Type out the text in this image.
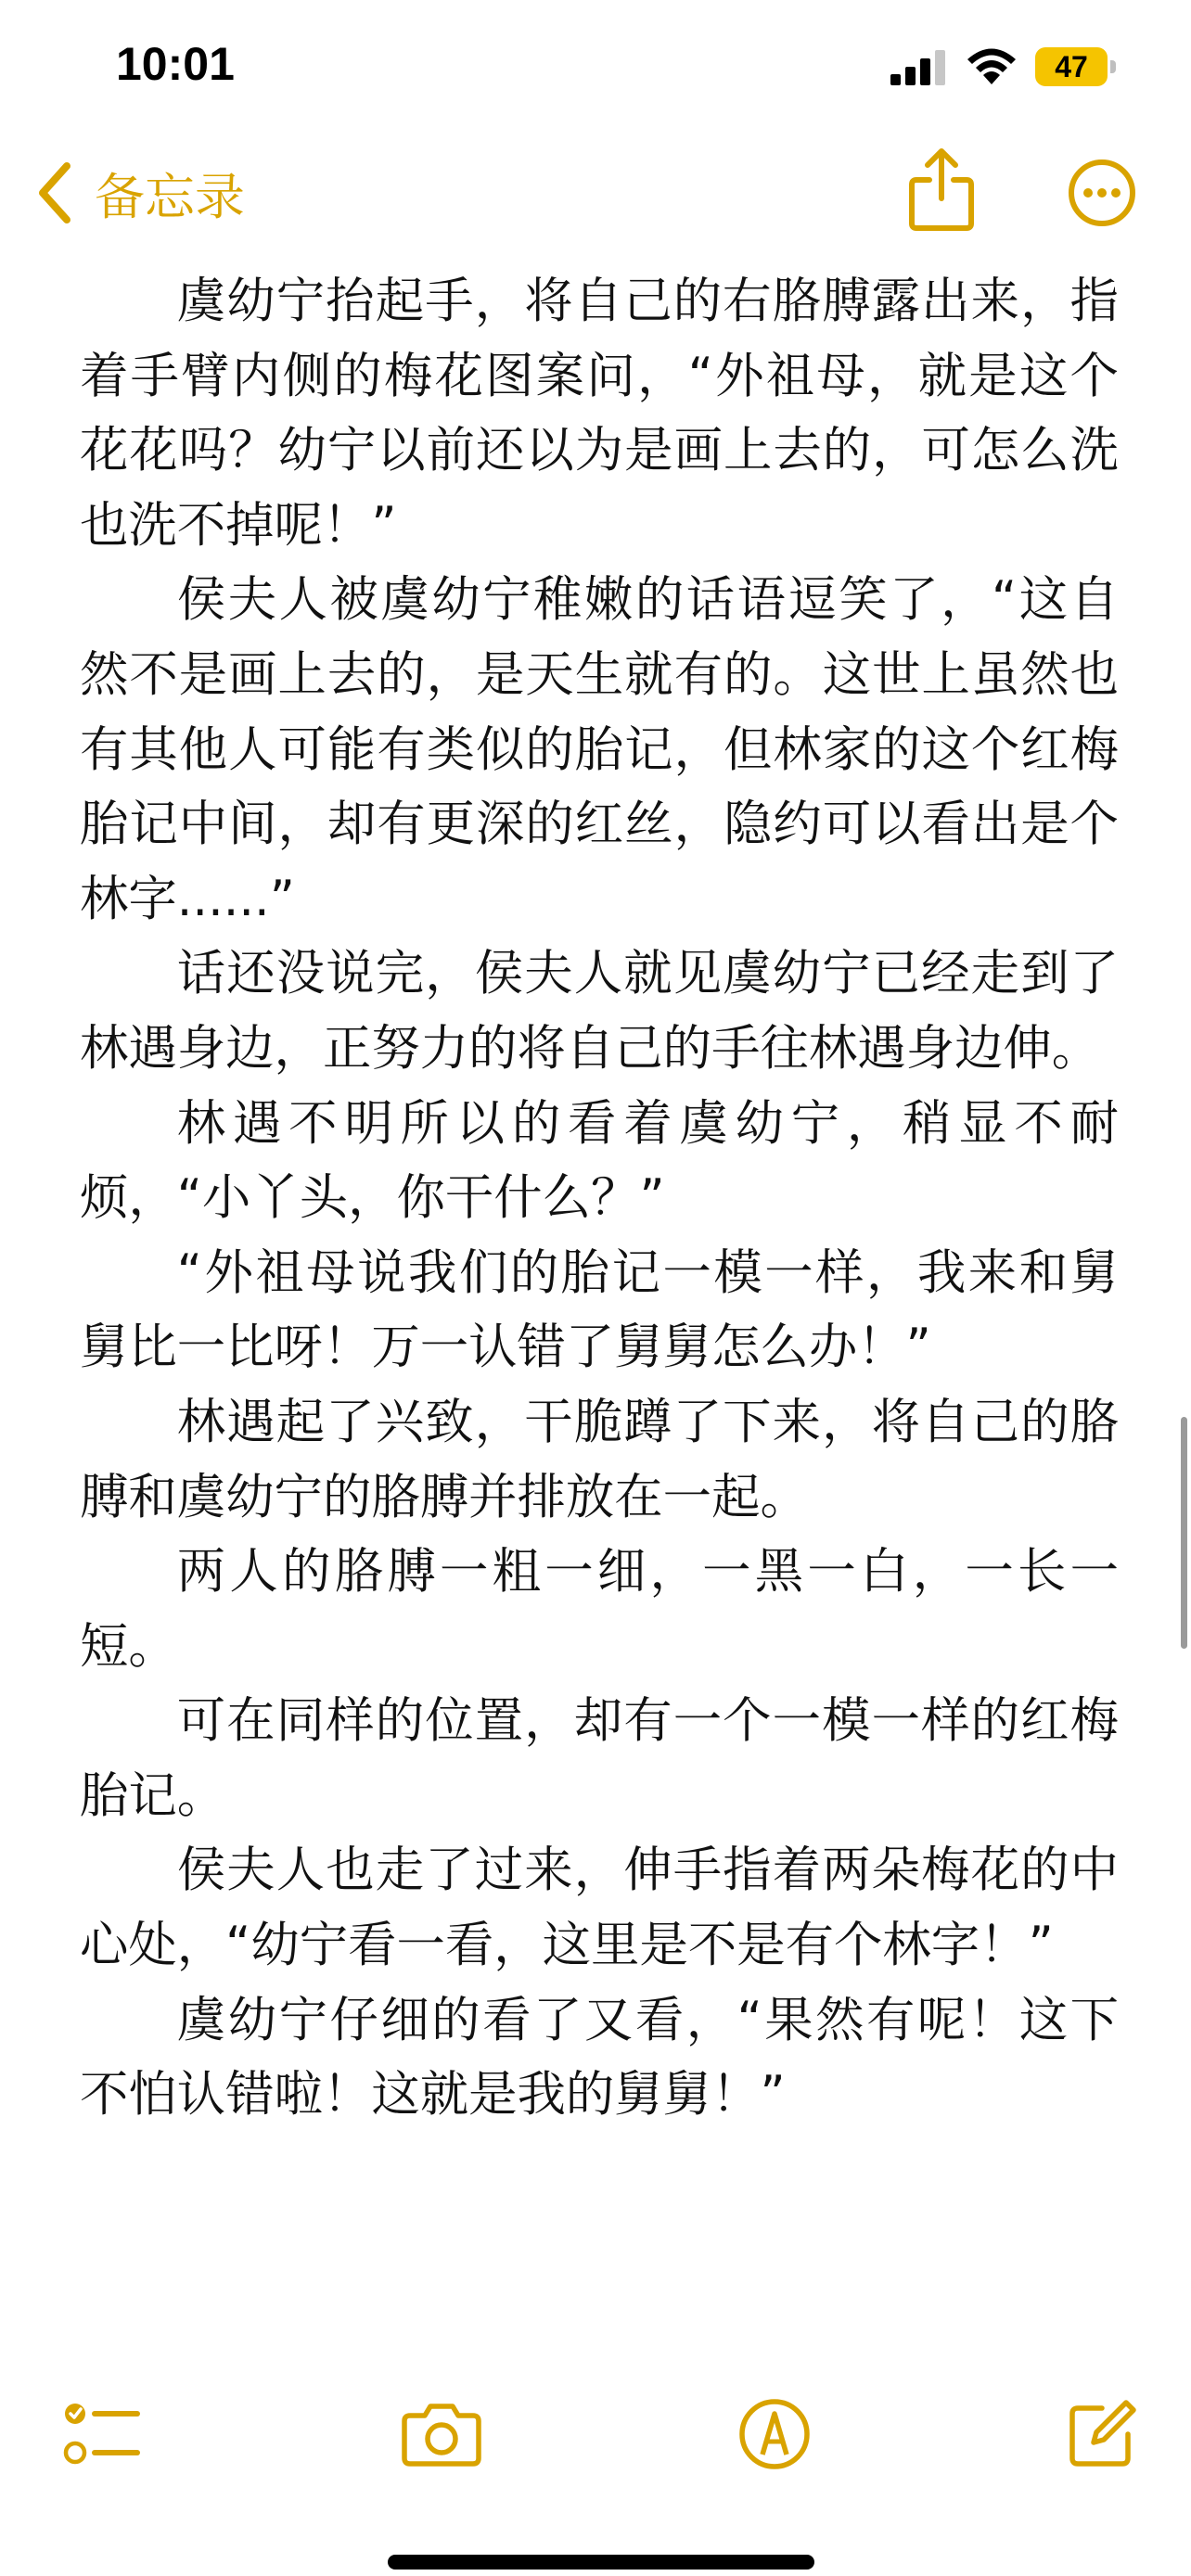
10:01	47
备忘录

虞幼宁抬起手，将自己的右胳膊露出来，指着手臂内侧的梅花图案问，“外祖母，就是这个花花吗？幼宁以前还以为是画上去的，可怎么洗也洗不掉呢！”

侯夫人被虞幼宁稚嫩的话语逗笑了，“这自然不是画上去的，是天生就有的。这世上虽然也有其他人可能有类似的胎记，但林家的这个红梅胎记中间，却有更深的红丝，隐约可以看出是个林字......”

话还没说完，侯夫人就见虞幼宁已经走到了林遇身边，正努力的将自己的手往林遇身边伸。

林遇不明所以的看着虞幼宁，稍显不耐烦，“小丫头，你干什么？”

“外祖母说我们的胎记一模一样，我来和舅舅比一比呀！万一认错了舅舅怎么办！”

林遇起了兴致，干脆蹲了下来，将自己的胳膊和虞幼宁的胳膊并排放在一起。

两人的胳膊一粗一细，一黑一白，一长一短。

可在同样的位置，却有一个一模一样的红梅胎记。

侯夫人也走了过来，伸手指着两朵梅花的中心处，“幼宁看一看，这里是不是有个林字！”

虞幼宁仔细的看了又看，“果然有呢！这下不怕认错啦！这就是我的舅舅！”
